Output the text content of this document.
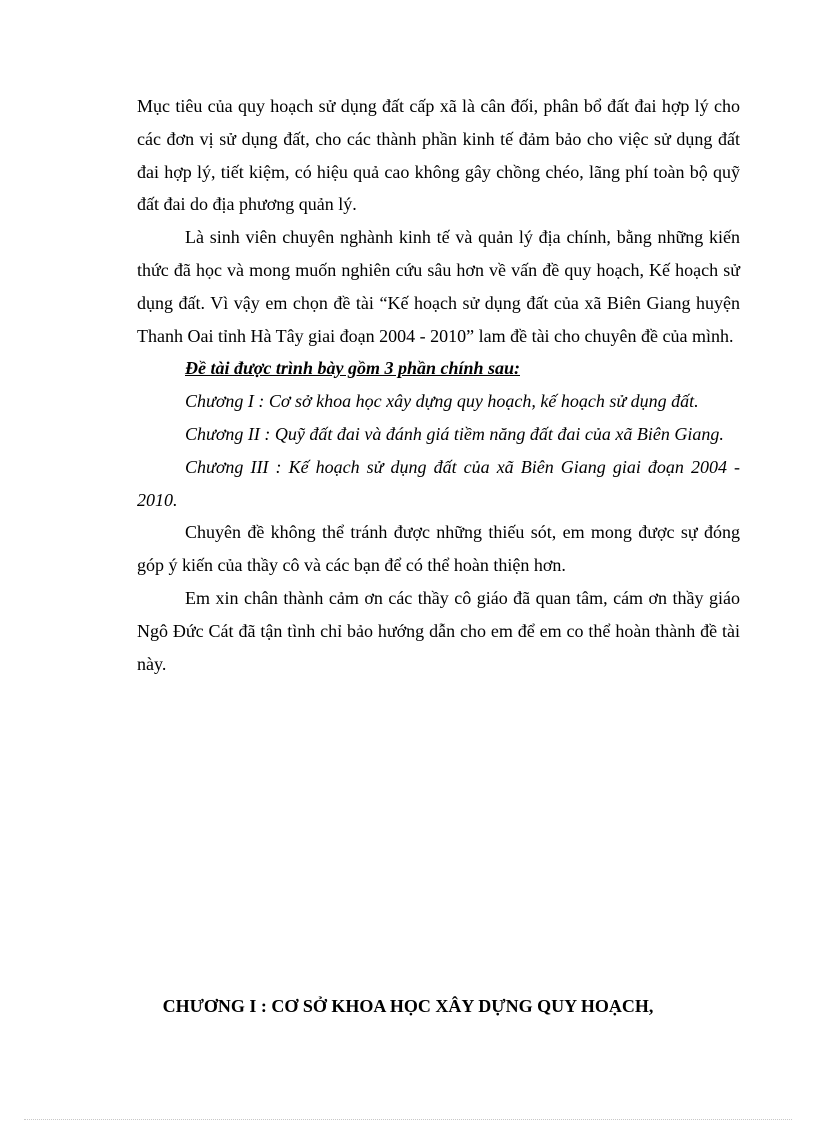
Mục tiêu của quy hoạch sử dụng đất cấp xã là cân đối, phân bổ đất đai hợp lý cho các đơn vị sử dụng đất, cho các thành phần kinh tế đảm bảo cho việc sử dụng đất đai hợp lý, tiết kiệm, có hiệu quả cao không gây chồng chéo, lãng phí toàn bộ quỹ đất đai do địa phương quản lý.

Là sinh viên chuyên nghành kinh tế và quản lý địa chính, bằng những kiến thức đã học và mong muốn nghiên cứu sâu hơn về vấn đề quy hoạch, Kế hoạch sử dụng đất. Vì vậy em chọn đề tài “Kế hoạch sử dụng đất của xã Biên Giang huyện Thanh Oai tỉnh Hà Tây giai đoạn 2004 - 2010” lam đề tài cho chuyên đề của mình.

Đề tài được trình bày gồm 3 phần chính sau:

Chương I : Cơ sở khoa học xây dựng quy hoạch, kế hoạch sử dụng đất.

Chương II : Quỹ đất đai và đánh giá tiềm năng đất đai của xã Biên Giang.

Chương III : Kế hoạch sử dụng đất của xã Biên Giang giai đoạn 2004 - 2010.

Chuyên đề không thể tránh được những thiếu sót, em mong được sự đóng góp ý kiến của thầy cô và các bạn để có thể hoàn thiện hơn.

Em xin chân thành cảm ơn các thầy cô giáo đã quan tâm, cám ơn thầy giáo Ngô Đức Cát đã tận tình chỉ bảo hướng dẫn cho em để em co thể hoàn thành đề tài này.

CHƯƠNG I : CƠ SỞ KHOA HỌC XÂY DỰNG QUY HOẠCH,
